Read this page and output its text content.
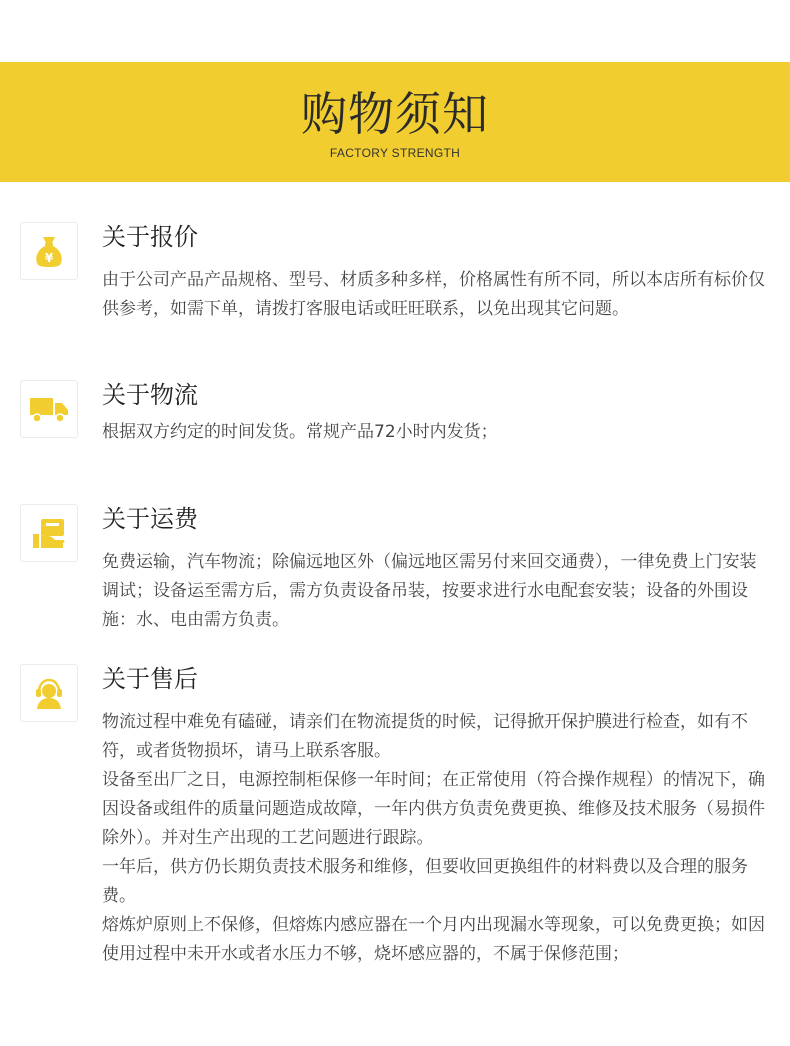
购物须知
FACTORY STRENGTH
¥
关于报价

由于公司产品产品规格、型号、材质多种多样，价格属性有所不同，所以本店所有标价仅供参考，如需下单，请拨打客服电话或旺旺联系，以免出现其它问题。

关于物流

根据双方约定的时间发货。常规产品72小时内发货；

关于运费

免费运输，汽车物流；除偏远地区外（偏远地区需另付来回交通费），一律免费上门安装调试；设备运至需方后，需方负责设备吊装，按要求进行水电配套安装；设备的外围设施：水、电由需方负责。

关于售后

物流过程中难免有磕碰，请亲们在物流提货的时候，记得掀开保护膜进行检查，如有不符，或者货物损坏，请马上联系客服。

设备至出厂之日，电源控制柜保修一年时间；在正常使用（符合操作规程）的情况下，确因设备或组件的质量问题造成故障，一年内供方负责免费更换、维修及技术服务（易损件除外）。并对生产出现的工艺问题进行跟踪。

一年后，供方仍长期负责技术服务和维修，但要收回更换组件的材料费以及合理的服务费。

熔炼炉原则上不保修，但熔炼内感应器在一个月内出现漏水等现象，可以免费更换；如因使用过程中未开水或者水压力不够，烧坏感应器的，不属于保修范围；
